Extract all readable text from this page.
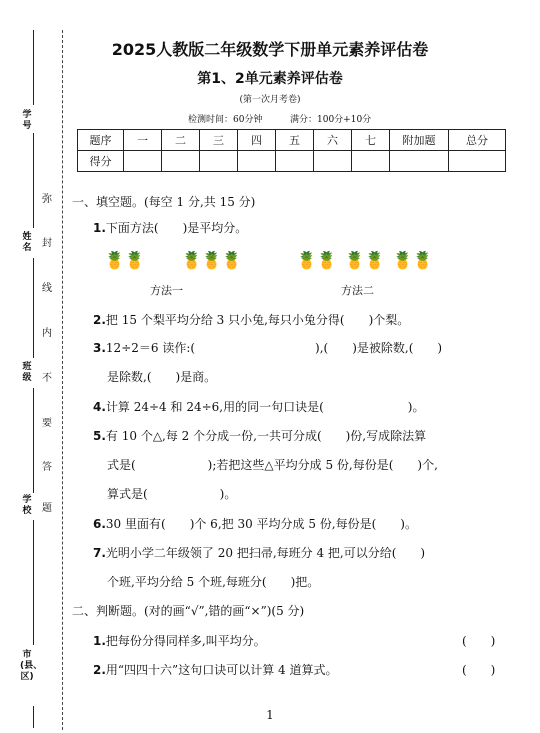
学号
姓名
班级
学校
市(县、区)
弥
封
线
内
不
要
答
题
2025人教版二年级数学下册单元素养评估卷
第1、2单元素养评估卷
(第一次月考卷)
检测时间：60分钟	满分：100分+10分
题序	一	二	三	四	五	六	七	附加题	总分
得分									
一、填空题。(每空 1 分,共 15 分)
1.下面方法(　　)是平均分。
🍍🍍 🍍🍍🍍	🍍🍍 🍍🍍 🍍🍍
方法一	方法二
2.把 15 个梨平均分给 3 只小兔,每只小兔分得(　　)个梨。
3.12÷2＝6 读作:(　　　　　　　　　　),(　　)是被除数,(　　)
是除数,(　　)是商。
4.计算 24÷4 和 24÷6,用的同一句口诀是(　　　　　　　)。
5.有 10 个△,每 2 个分成一份,一共可分成(　　)份,写成除法算
式是(　　　　　　);若把这些△平均分成 5 份,每份是(　　)个,
算式是(　　　　　　)。
6.30 里面有(　　)个 6,把 30 平均分成 5 份,每份是(　　)。
7.光明小学二年级领了 20 把扫帚,每班分 4 把,可以分给(　　)
个班,平均分给 5 个班,每班分(　　)把。
二、判断题。(对的画“√”,错的画“×”)(5 分)
1.把每份分得同样多,叫平均分。	(　　)
2.用“四四十六”这句口诀可以计算 4 道算式。	(　　)
1
